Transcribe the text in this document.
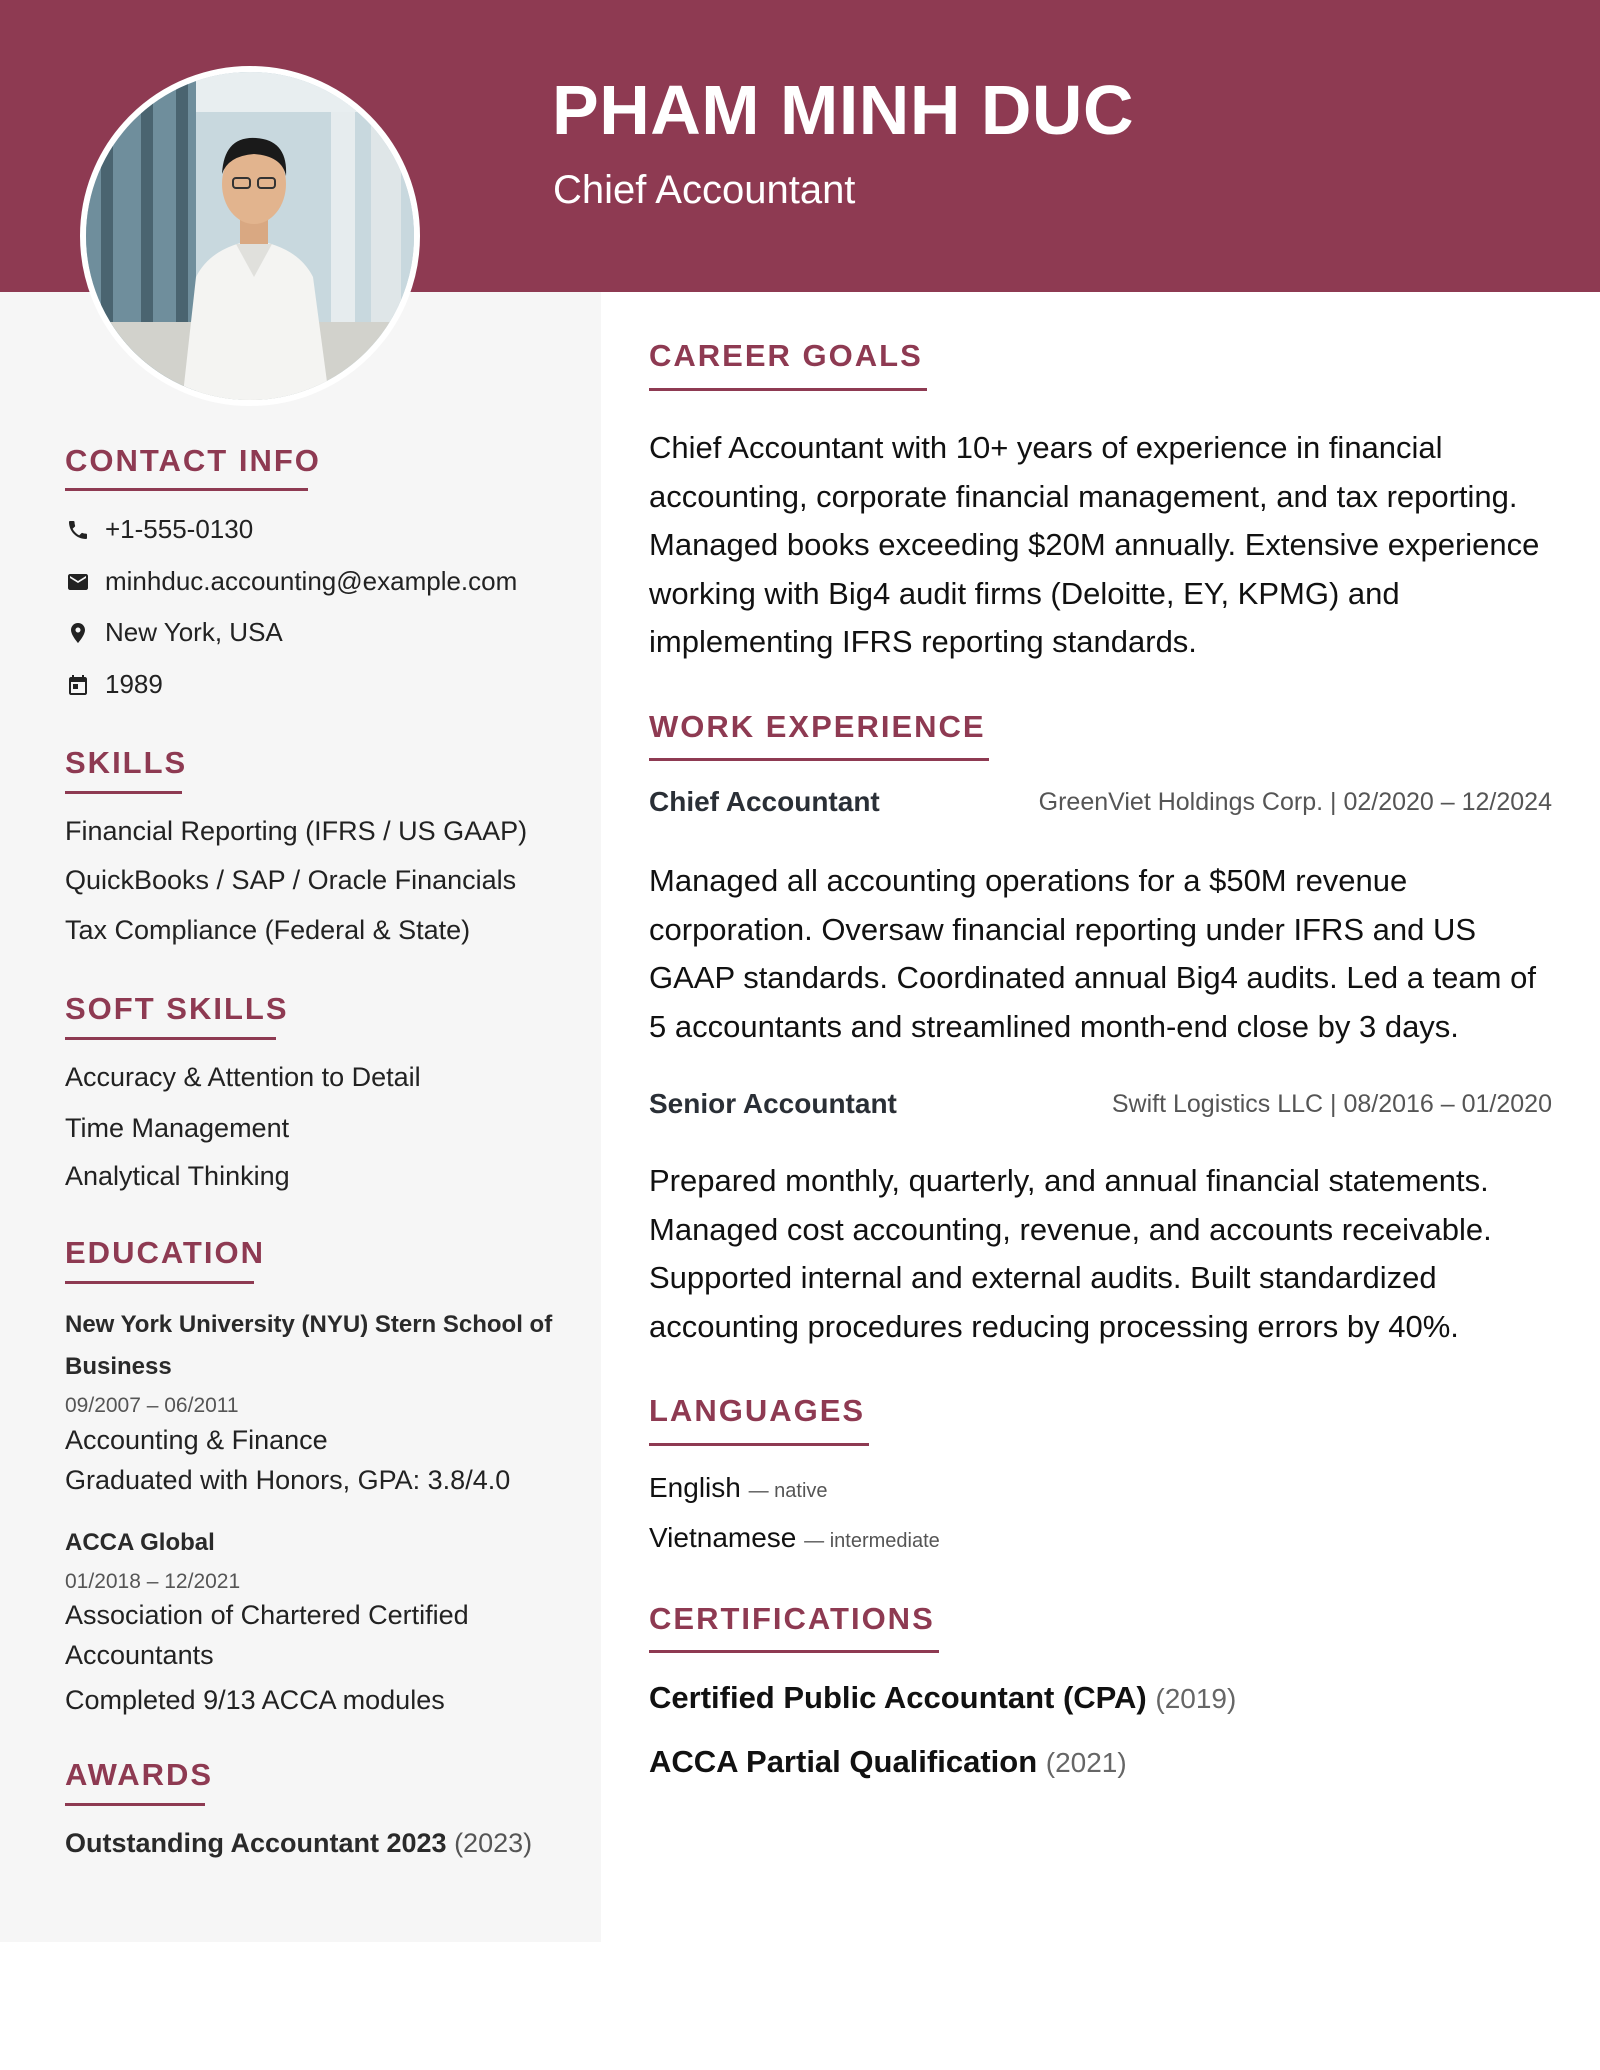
PHAM MINH DUC
Chief Accountant
CONTACT INFO
+1-555-0130
minhduc.accounting@example.com
New York, USA
1989
SKILLS
Financial Reporting (IFRS / US GAAP)
QuickBooks / SAP / Oracle Financials
Tax Compliance (Federal & State)
SOFT SKILLS
Accuracy & Attention to Detail
Time Management
Analytical Thinking
EDUCATION
New York University (NYU) Stern School of Business
09/2007 – 06/2011
Accounting & Finance
Graduated with Honors, GPA: 3.8/4.0
ACCA Global
01/2018 – 12/2021
Association of Chartered Certified Accountants
Completed 9/13 ACCA modules
AWARDS
Outstanding Accountant 2023 (2023)
CAREER GOALS
Chief Accountant with 10+ years of experience in financial accounting, corporate financial management, and tax reporting. Managed books exceeding $20M annually. Extensive experience working with Big4 audit firms (Deloitte, EY, KPMG) and implementing IFRS reporting standards.
WORK EXPERIENCE
Chief Accountant	GreenViet Holdings Corp. | 02/2020 – 12/2024
Managed all accounting operations for a $50M revenue corporation. Oversaw financial reporting under IFRS and US GAAP standards. Coordinated annual Big4 audits. Led a team of 5 accountants and streamlined month-end close by 3 days.
Senior Accountant	Swift Logistics LLC | 08/2016 – 01/2020
Prepared monthly, quarterly, and annual financial statements. Managed cost accounting, revenue, and accounts receivable. Supported internal and external audits. Built standardized accounting procedures reducing processing errors by 40%.
LANGUAGES
English — native
Vietnamese — intermediate
CERTIFICATIONS
Certified Public Accountant (CPA) (2019)
ACCA Partial Qualification (2021)
